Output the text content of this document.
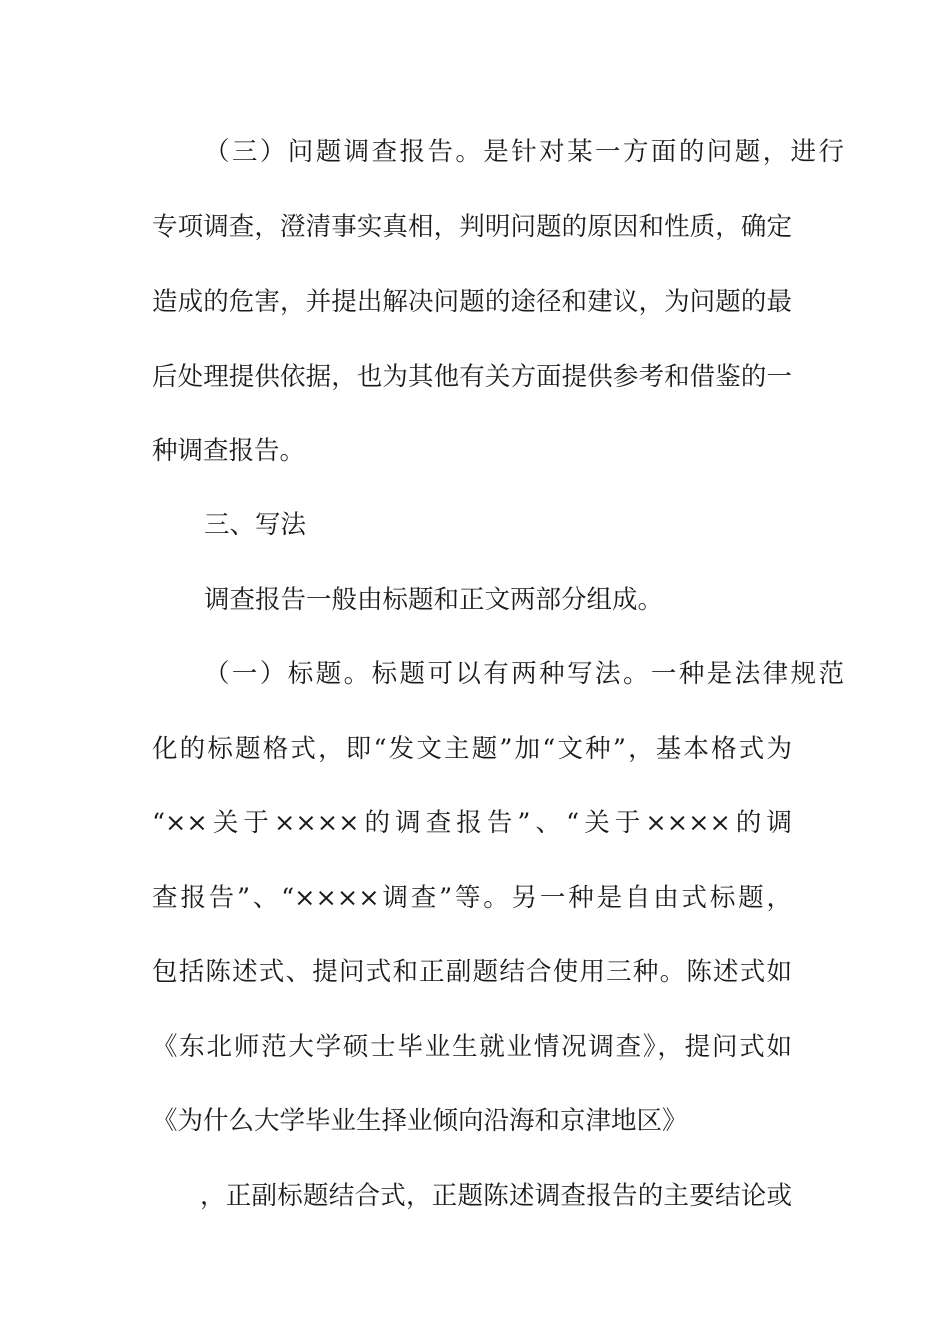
（三）问题调查报告。是针对某一方面的问题，进行
专项调查，澄清事实真相，判明问题的原因和性质，确定
造成的危害，并提出解决问题的途径和建议，为问题的最
后处理提供依据，也为其他有关方面提供参考和借鉴的一
种调查报告。
三、写法
调查报告一般由标题和正文两部分组成。
（一）标题。标题可以有两种写法。一种是法律规范
化的标题格式，即“发文主题”加“文种”，基本格式为
“××关于××××的调查报告”、“关于××××的调
查报告”、“××××调查”等。另一种是自由式标题，
包括陈述式、提问式和正副题结合使用三种。陈述式如
《东北师范大学硕士毕业生就业情况调查》，提问式如
《为什么大学毕业生择业倾向沿海和京津地区》
，正副标题结合式，正题陈述调查报告的主要结论或
